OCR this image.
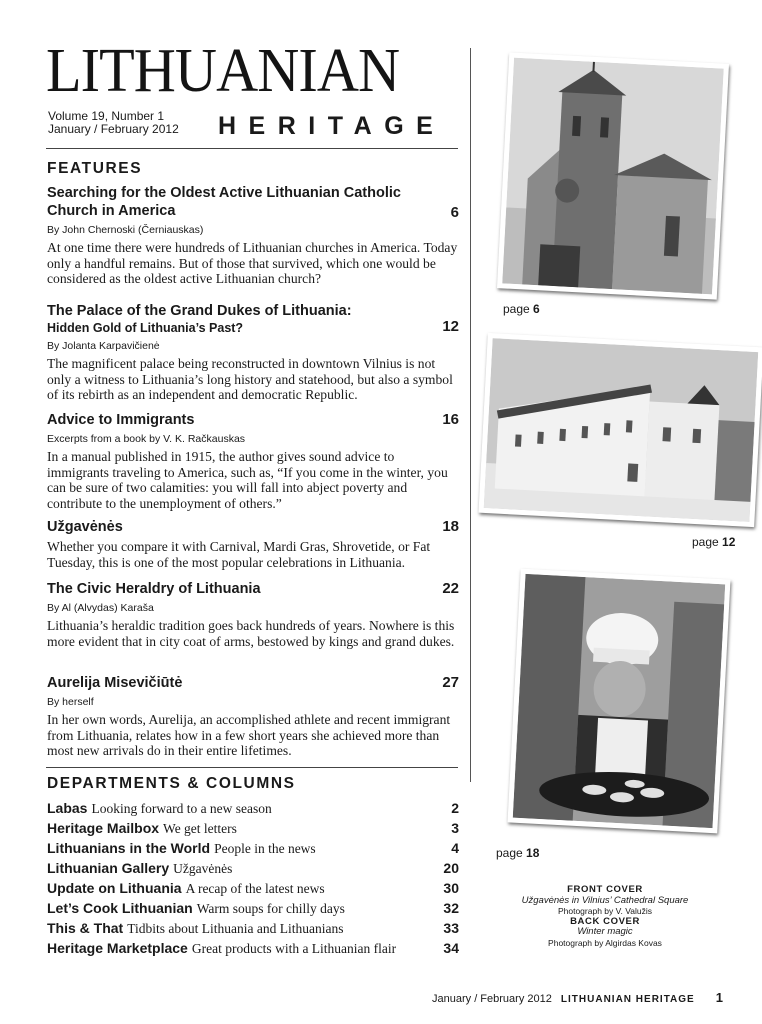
LITHUANIAN
Volume 19, Number 1
January / February 2012 HERITAGE
FEATURES
Searching for the Oldest Active Lithuanian Catholic Church in America	6
By John Chernoski (Černiauskas)
At one time there were hundreds of Lithuanian churches in America. Today only a handful remains. But of those that survived, which one would be considered as the oldest active Lithuanian church?
The Palace of the Grand Dukes of Lithuania:
Hidden Gold of Lithuania’s Past?	12
By Jolanta Karpavičienė
The magnificent palace being reconstructed in downtown Vilnius is not only a witness to Lithuania’s long history and statehood, but also a symbol of its rebirth as an independent and democratic Republic.
Advice to Immigrants	16
Excerpts from a book by V. K. Račkauskas
In a manual published in 1915, the author gives sound advice to immigrants traveling to America, such as, “If you come in the winter, you can be sure of two calamities: you will fall into abject poverty and contribute to the unemployment of others.”
Užgavėnės	18
Whether you compare it with Carnival, Mardi Gras, Shrovetide, or Fat Tuesday, this is one of the most popular celebrations in Lithuania.
The Civic Heraldry of Lithuania	22
By Al (Alvydas) Karaša
Lithuania’s heraldic tradition goes back hundreds of years. Nowhere is this more evident that in city coat of arms, bestowed by kings and grand dukes.
Aurelija Misevičiūtė	27
By herself
In her own words, Aurelija, an accomplished athlete and recent immigrant from Lithuania, relates how in a few short years she achieved more than most new arrivals do in their entire lifetimes.
DEPARTMENTS & COLUMNS
Labas Looking forward to a new season	2
Heritage Mailbox We get letters	3
Lithuanians in the World People in the news	4
Lithuanian Gallery Užgavėnės	20
Update on Lithuania A recap of the latest news	30
Let’s Cook Lithuanian Warm soups for chilly days	32
This & That Tidbits about Lithuania and Lithuanians	33
Heritage Marketplace Great products with a Lithuanian flair	34
page 6
page 12
page 18
FRONT COVER
Užgavėnės in Vilnius’ Cathedral Square
Photograph by V. Valužis
BACK COVER
Winter magic
Photograph by Algirdas Kovas
January / February 2012 LITHUANIAN HERITAGE 1
